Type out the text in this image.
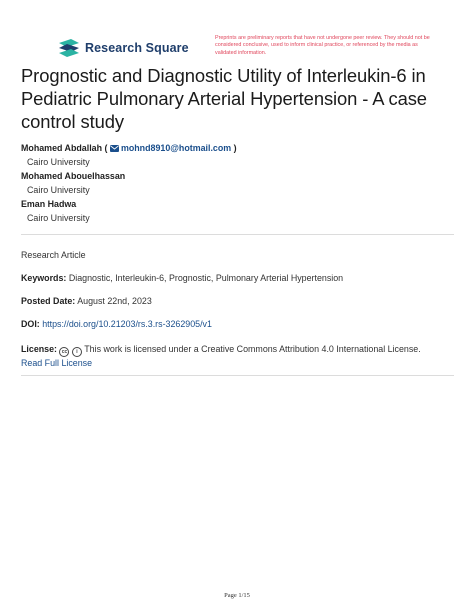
Research Square
Preprints are preliminary reports that have not undergone peer review. They should not be considered conclusive, used to inform clinical practice, or referenced by the media as validated information.
Prognostic and Diagnostic Utility of Interleukin-6 in Pediatric Pulmonary Arterial Hypertension - A case control study
Mohamed Abdallah ( mohnd8910@hotmail.com )
Cairo University
Mohamed Abouelhassan
Cairo University
Eman Hadwa
Cairo University
Research Article
Keywords: Diagnostic, Interleukin-6, Prognostic, Pulmonary Arterial Hypertension
Posted Date: August 22nd, 2023
DOI: https://doi.org/10.21203/rs.3.rs-3262905/v1
License: cc i This work is licensed under a Creative Commons Attribution 4.0 International License.
Read Full License
Page 1/15
